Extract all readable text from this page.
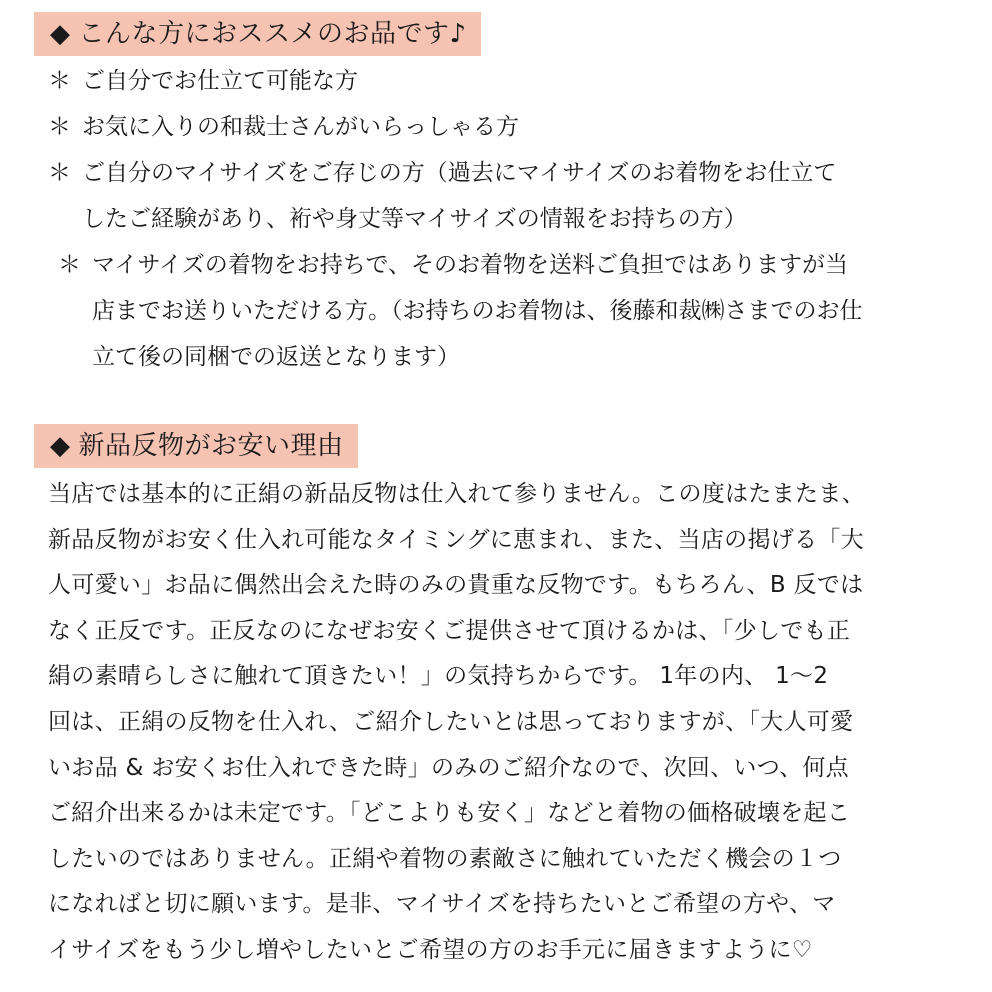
◆ こんな方におススメのお品です♪
＊ ご自分でお仕立て可能な方
＊ お気に入りの和裁士さんがいらっしゃる方
＊ ご自分のマイサイズをご存じの方（過去にマイサイズのお着物をお仕立て
したご経験があり、裄や身丈等マイサイズの情報をお持ちの方）
＊ マイサイズの着物をお持ちで、そのお着物を送料ご負担ではありますが当
店までお送りいただける方。（お持ちのお着物は、後藤和裁㈱さまでのお仕
立て後の同梱での返送となります）
◆ 新品反物がお安い理由

当店では基本的に正絹の新品反物は仕入れて参りません。この度はたまたま、
新品反物がお安く仕入れ可能なタイミングに恵まれ、また、当店の掲げる「大
人可愛い」お品に偶然出会えた時のみの貴重な反物です。もちろん、B 反では
なく正反です。正反なのになぜお安くご提供させて頂けるかは、「少しでも正
絹の素晴らしさに触れて頂きたい！」の気持ちからです。 1年の内、 1～2
回は、正絹の反物を仕入れ、ご紹介したいとは思っておりますが、「大人可愛
いお品 & お安くお仕入れできた時」のみのご紹介なので、次回、いつ、何点
ご紹介出来るかは未定です。「どこよりも安く」などと着物の価格破壊を起こ
したいのではありません。正絹や着物の素敵さに触れていただく機会の１つ
になればと切に願います。是非、マイサイズを持ちたいとご希望の方や、マ
イサイズをもう少し増やしたいとご希望の方のお手元に届きますように♡
